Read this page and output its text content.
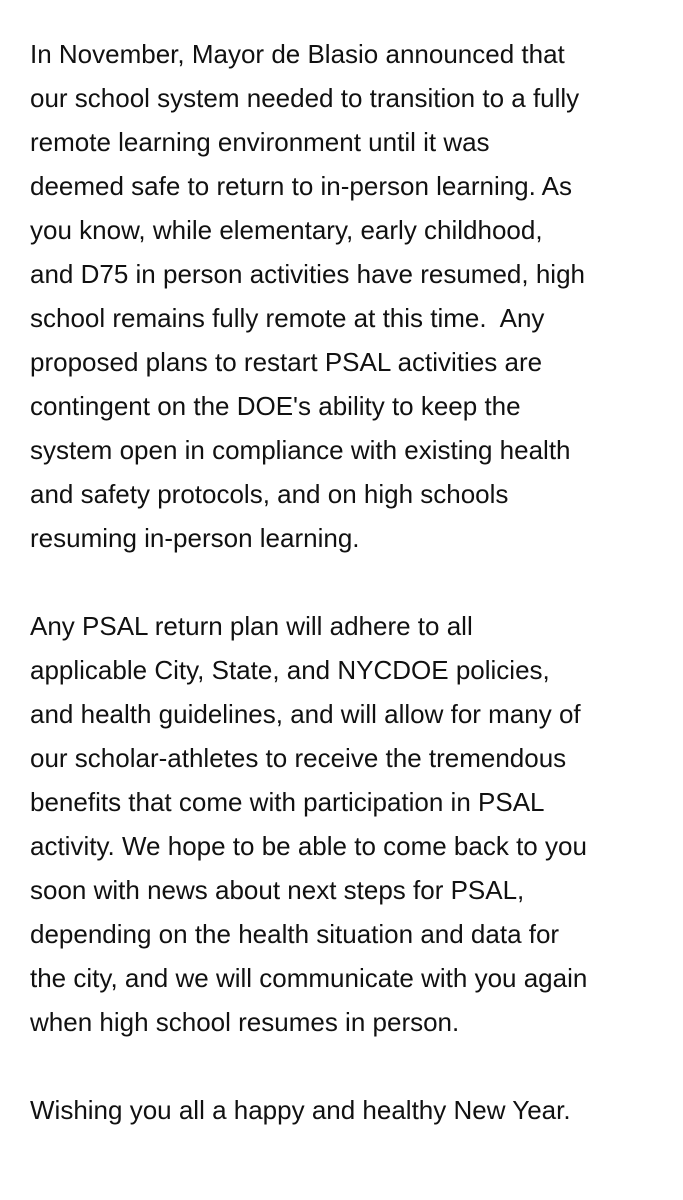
In November, Mayor de Blasio announced that
our school system needed to transition to a fully
remote learning environment until it was
deemed safe to return to in-person learning. As
you know, while elementary, early childhood,
and D75 in person activities have resumed, high
school remains fully remote at this time.  Any
proposed plans to restart PSAL activities are
contingent on the DOE's ability to keep the
system open in compliance with existing health
and safety protocols, and on high schools
resuming in-person learning.
Any PSAL return plan will adhere to all
applicable City, State, and NYCDOE policies,
and health guidelines, and will allow for many of
our scholar-athletes to receive the tremendous
benefits that come with participation in PSAL
activity. We hope to be able to come back to you
soon with news about next steps for PSAL,
depending on the health situation and data for
the city, and we will communicate with you again
when high school resumes in person.
Wishing you all a happy and healthy New Year.
